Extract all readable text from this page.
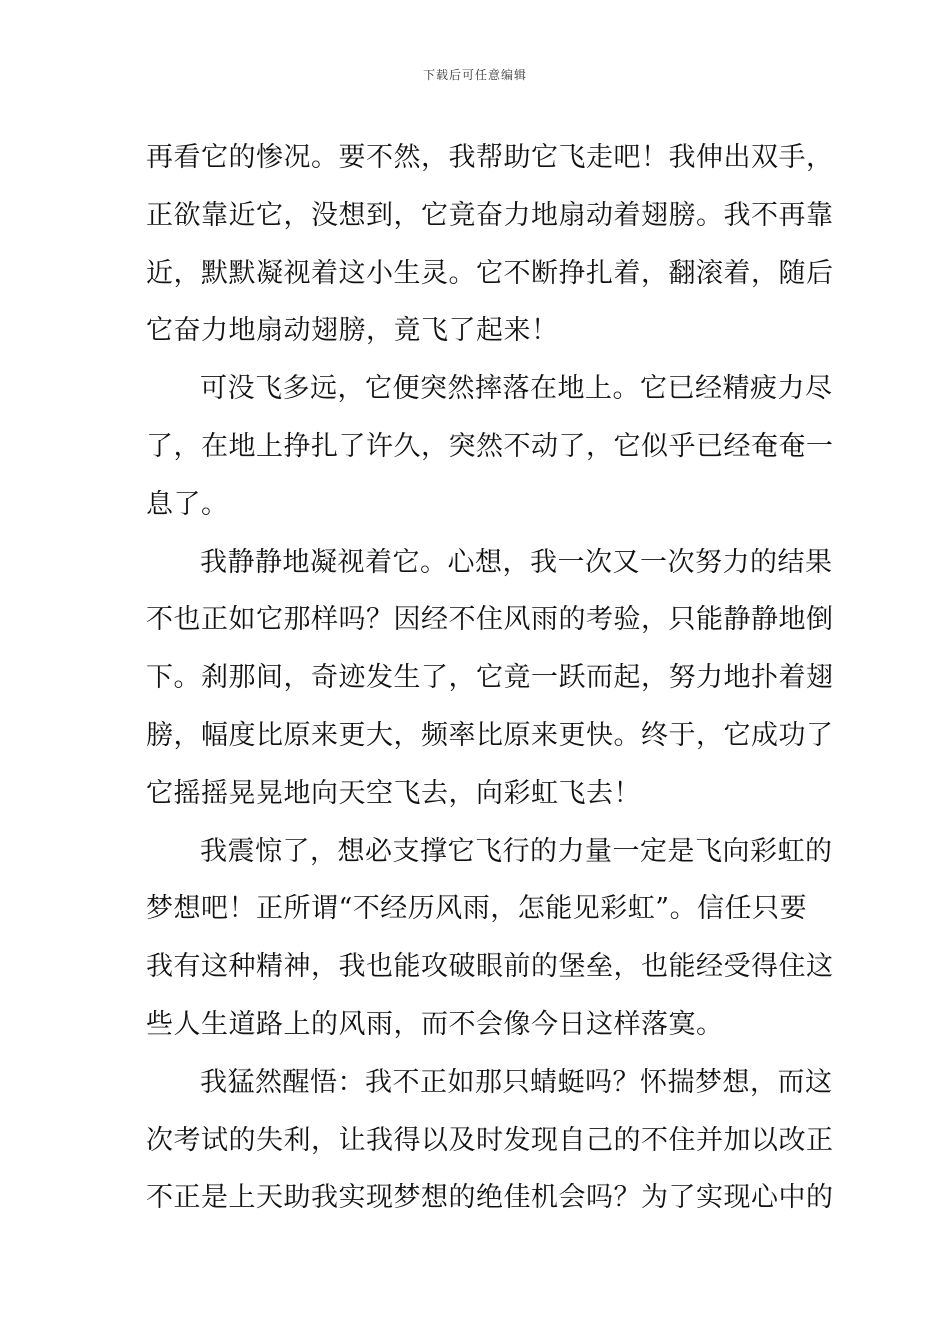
下载后可任意编辑
再看它的惨况。要不然，我帮助它飞走吧！我伸出双手，
正欲靠近它，没想到，它竟奋力地扇动着翅膀。我不再靠
近，默默凝视着这小生灵。它不断挣扎着，翻滚着，随后
它奋力地扇动翅膀，竟飞了起来！
可没飞多远，它便突然摔落在地上。它已经精疲力尽
了，在地上挣扎了许久，突然不动了，它似乎已经奄奄一
息了。
我静静地凝视着它。心想，我一次又一次努力的结果
不也正如它那样吗？因经不住风雨的考验，只能静静地倒
下。刹那间，奇迹发生了，它竟一跃而起，努力地扑着翅
膀，幅度比原来更大，频率比原来更快。终于，它成功了
它摇摇晃晃地向天空飞去，向彩虹飞去！
我震惊了，想必支撑它飞行的力量一定是飞向彩虹的
梦想吧！正所谓“不经历风雨，怎能见彩虹”。信任只要
我有这种精神，我也能攻破眼前的堡垒，也能经受得住这
些人生道路上的风雨，而不会像今日这样落寞。
我猛然醒悟：我不正如那只蜻蜓吗？怀揣梦想，而这
次考试的失利，让我得以及时发现自己的不住并加以改正
不正是上天助我实现梦想的绝佳机会吗？为了实现心中的
